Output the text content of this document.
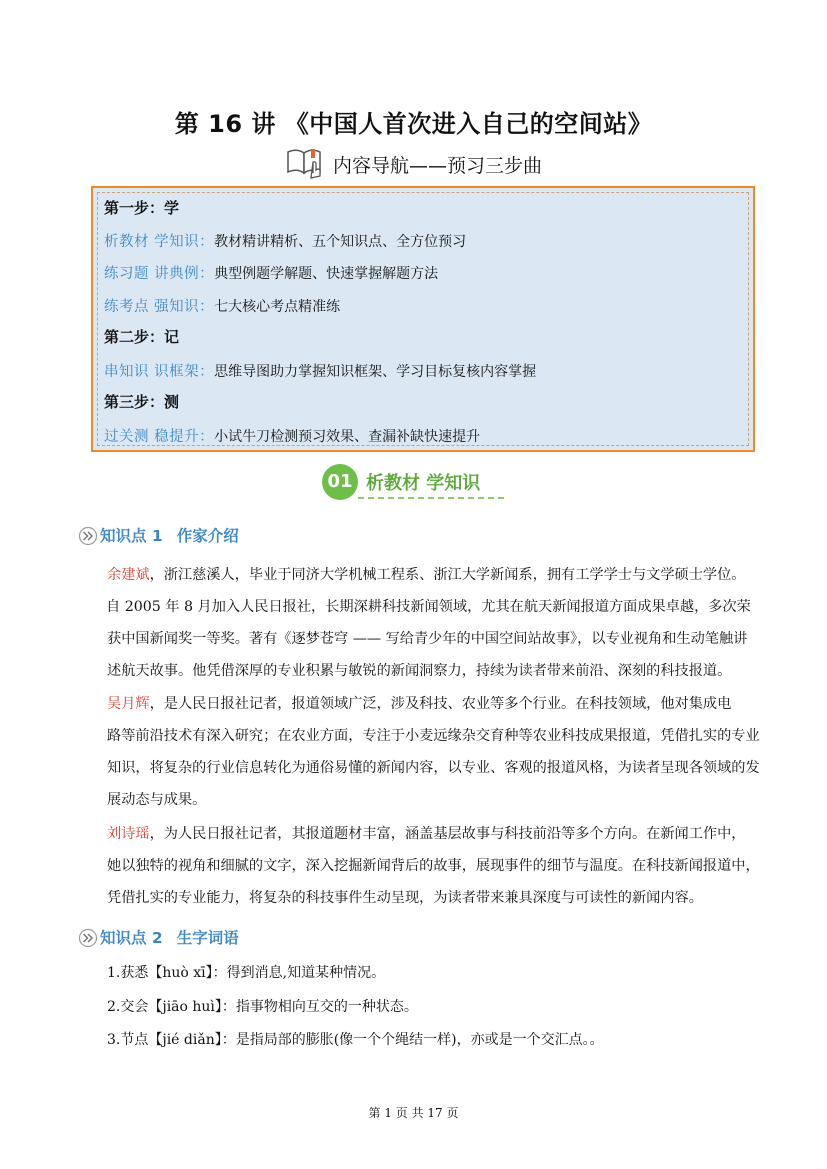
第 16 讲 《中国人首次进入自己的空间站》
内容导航——预习三步曲
第一步：学
析教材 学知识：教材精讲精析、五个知识点、全方位预习
练习题 讲典例：典型例题学解题、快速掌握解题方法
练考点 强知识：七大核心考点精准练
第二步：记
串知识 识框架：思维导图助力掌握知识框架、学习目标复核内容掌握
第三步：测
过关测 稳提升：小试牛刀检测预习效果、查漏补缺快速提升
01 析教材 学知识
知识点 1 作家介绍
余建斌，浙江慈溪人，毕业于同济大学机械工程系、浙江大学新闻系，拥有工学学士与文学硕士学位。
自 2005 年 8 月加入人民日报社，长期深耕科技新闻领域，尤其在航天新闻报道方面成果卓越，多次荣
获中国新闻奖一等奖。著有《逐梦苍穹 —— 写给青少年的中国空间站故事》，以专业视角和生动笔触讲
述航天故事。他凭借深厚的专业积累与敏锐的新闻洞察力，持续为读者带来前沿、深刻的科技报道。
吴月辉，是人民日报社记者，报道领域广泛，涉及科技、农业等多个行业。在科技领域，他对集成电
路等前沿技术有深入研究；在农业方面，专注于小麦远缘杂交育种等农业科技成果报道，凭借扎实的专业
知识，将复杂的行业信息转化为通俗易懂的新闻内容，以专业、客观的报道风格，为读者呈现各领域的发
展动态与成果。
刘诗瑶，为人民日报社记者，其报道题材丰富，涵盖基层故事与科技前沿等多个方向。在新闻工作中，
她以独特的视角和细腻的文字，深入挖掘新闻背后的故事，展现事件的细节与温度。在科技新闻报道中，
凭借扎实的专业能力，将复杂的科技事件生动呈现，为读者带来兼具深度与可读性的新闻内容。
知识点 2 生字词语
1.获悉【huò xī】：得到消息,知道某种情况。
2.交会【jiāo huì】：指事物相向互交的一种状态。
3.节点【jié diǎn】：是指局部的膨胀(像一个个绳结一样)，亦或是一个交汇点。。
第 1 页 共 17 页
